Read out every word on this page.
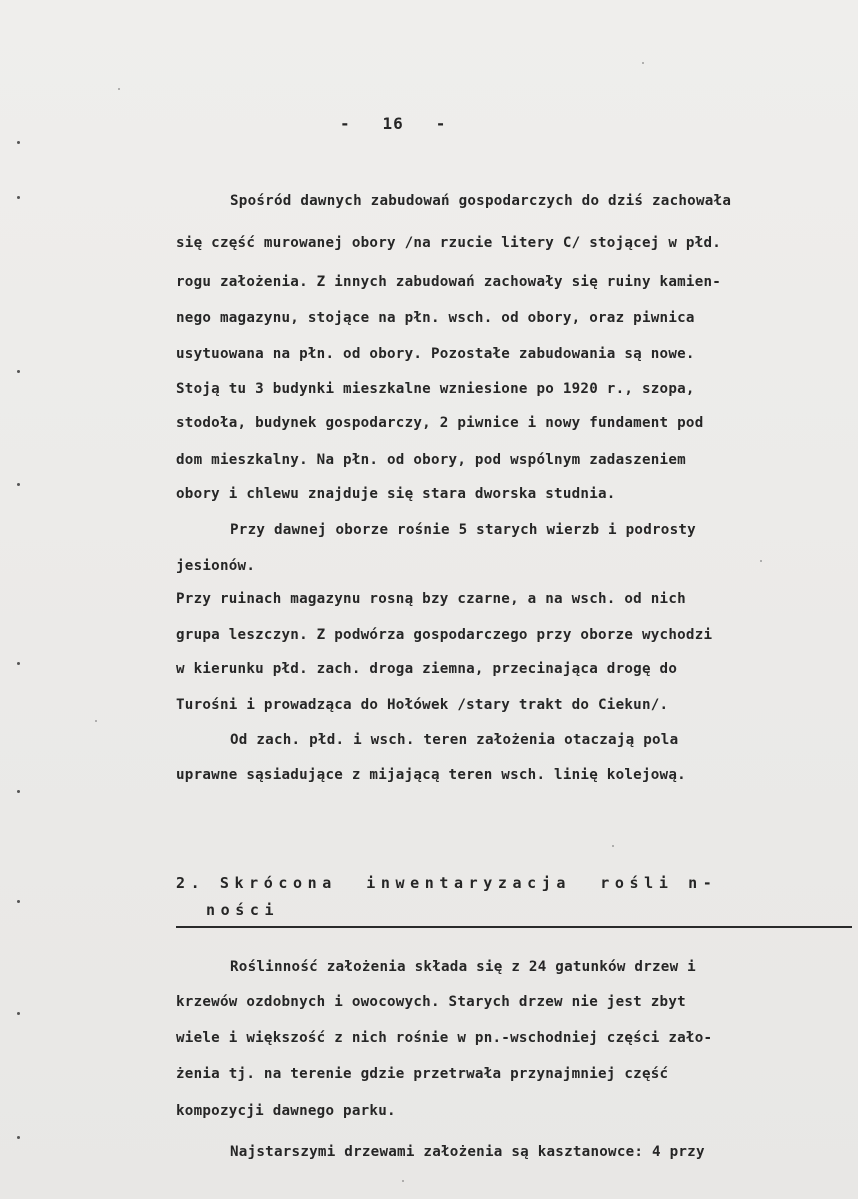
-   16   -
Spośród dawnych zabudowań gospodarczych do dziś zachowała
się część murowanej obory /na rzucie litery C/ stojącej w płd.
rogu założenia. Z innych zabudowań zachowały się ruiny kamien-
nego magazynu, stojące na płn. wsch. od obory, oraz piwnica
usytuowana na płn. od obory. Pozostałe zabudowania są nowe.
Stoją tu 3 budynki mieszkalne wzniesione po 1920 r., szopa,
stodoła, budynek gospodarczy, 2 piwnice i nowy fundament pod
dom mieszkalny. Na płn. od obory, pod wspólnym zadaszeniem
obory i chlewu znajduje się stara dworska studnia.
Przy dawnej oborze rośnie 5 starych wierzb i podrosty
jesionów.
Przy ruinach magazynu rosną bzy czarne, a na wsch. od nich
grupa leszczyn. Z podwórza gospodarczego przy oborze wychodzi
w kierunku płd. zach. droga ziemna, przecinająca drogę do
Turośni i prowadząca do Hołówek /stary trakt do Ciekun/.
Od zach. płd. i wsch. teren założenia otaczają pola
uprawne sąsiadujące z mijającą teren wsch. linię kolejową.
2. Skrócona  inwentaryzacja  rośli n-
ności
Roślinność założenia składa się z 24 gatunków drzew i
krzewów ozdobnych i owocowych. Starych drzew nie jest zbyt
wiele i większość z nich rośnie w pn.-wschodniej części zało-
żenia tj. na terenie gdzie przetrwała przynajmniej część
kompozycji dawnego parku.
Najstarszymi drzewami założenia są kasztanowce: 4 przy
